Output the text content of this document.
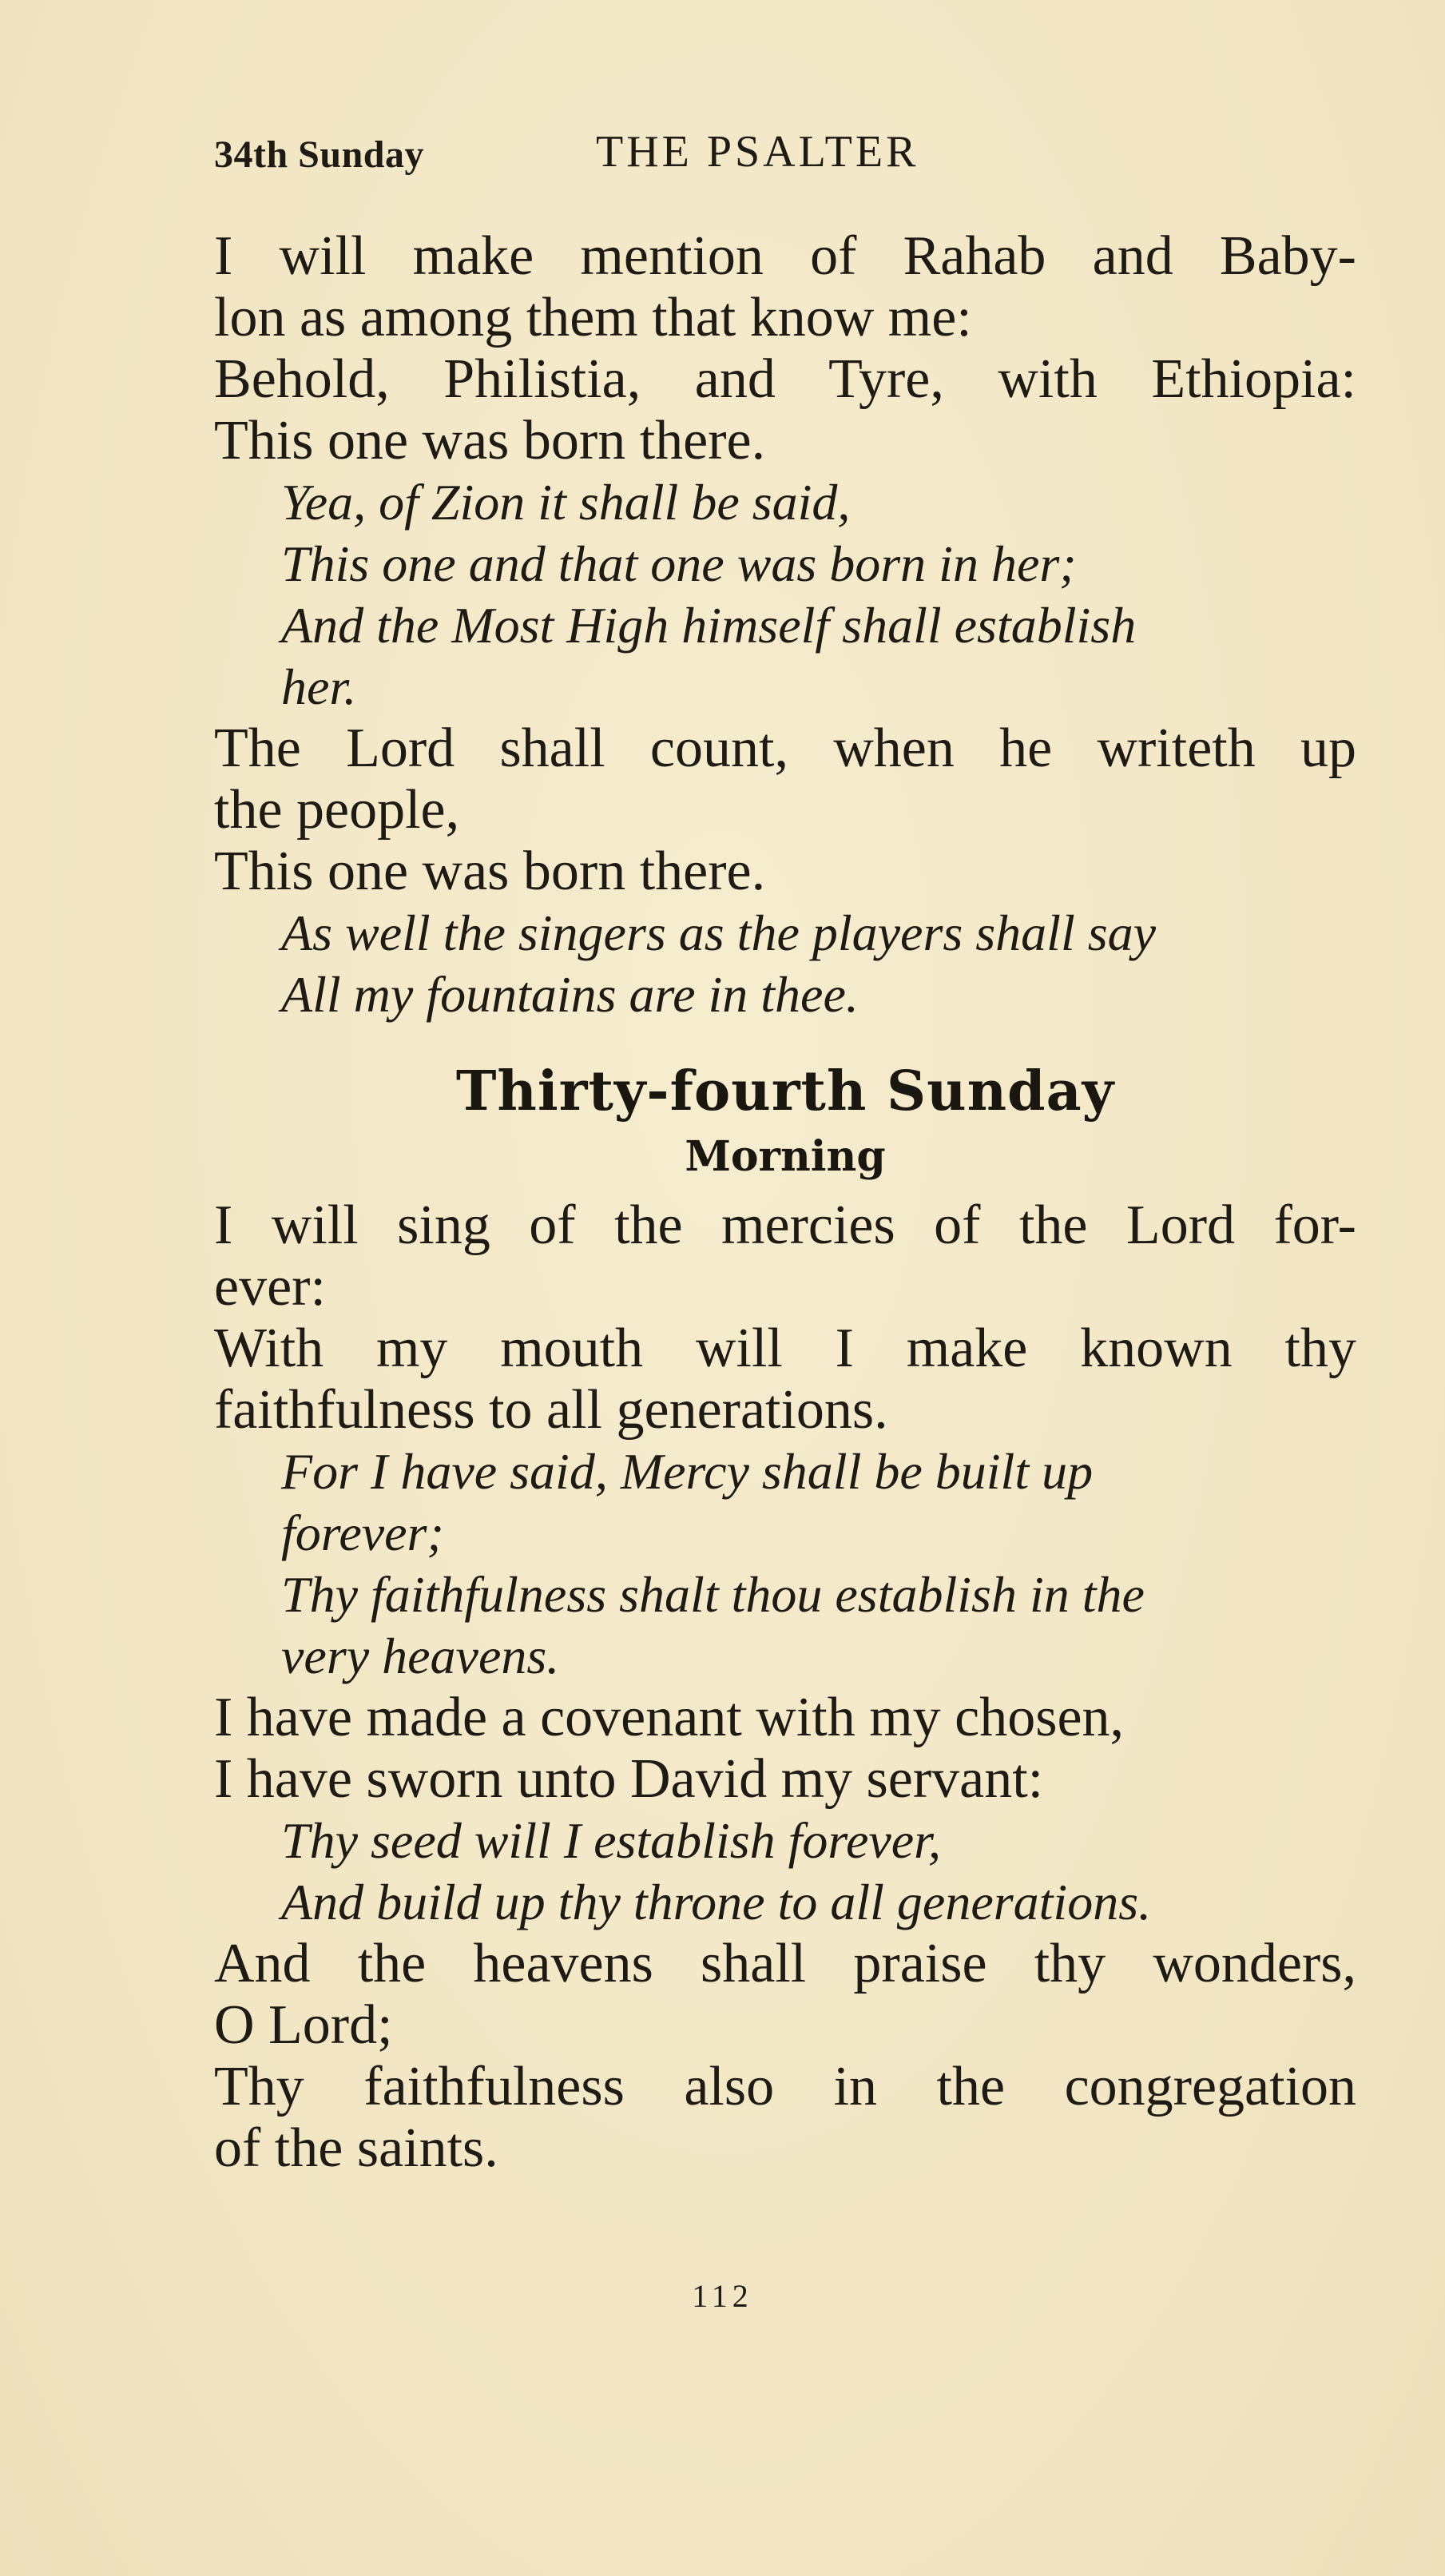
34th Sunday	THE PSALTER
I will make mention of Rahab and Baby-
lon as among them that know me:
Behold, Philistia, and Tyre, with Ethiopia:
This one was born there.
Yea, of Zion it shall be said,
This one and that one was born in her;
And the Most High himself shall establish
her.
The Lord shall count, when he writeth up
the people,
This one was born there.
As well the singers as the players shall say
All my fountains are in thee.
Thirty-fourth Sunday
Morning
I will sing of the mercies of the Lord for-
ever:
With my mouth will I make known thy
faithfulness to all generations.
For I have said, Mercy shall be built up
forever;
Thy faithfulness shalt thou establish in the
very heavens.
I have made a covenant with my chosen,
I have sworn unto David my servant:
Thy seed will I establish forever,
And build up thy throne to all generations.
And the heavens shall praise thy wonders,
O Lord;
Thy faithfulness also in the congregation
of the saints.
112
